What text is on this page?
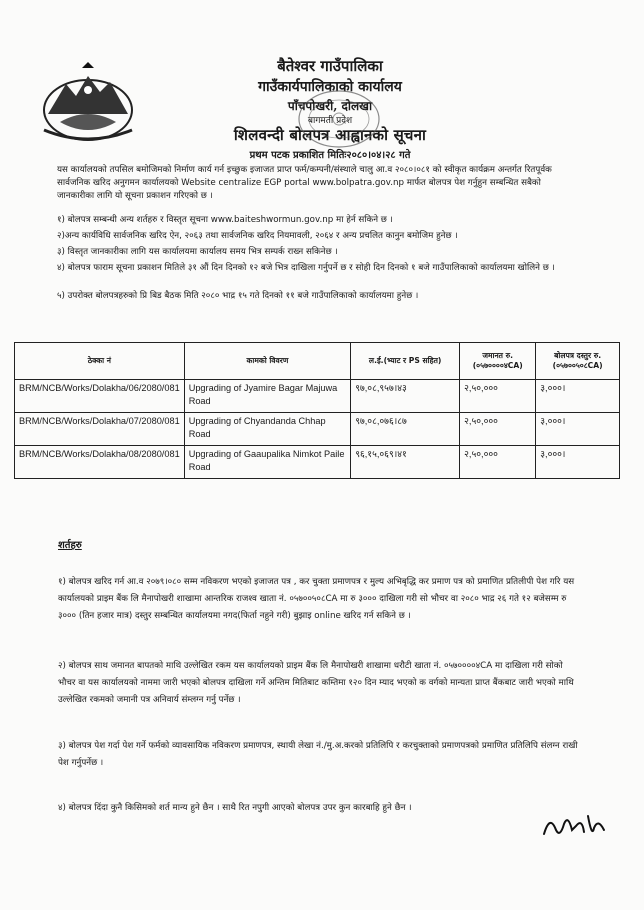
बैतेश्वर गाउँपालिका
गाउँकार्यपालिकाको कार्यालय
पाँचपोखरी, दोलखा
बागमती प्रदेश
शिलवन्दी बोलपत्र आह्वानको सूचना
प्रथम पटक प्रकाशित मितिः२०८०।०४।२८ गते

यस कार्यालयको तपसिल बमोजिमको निर्माण कार्य गर्न इच्छुक इजाजत प्राप्त फर्म/कम्पनी/संस्थाले चालु आ.व २०८०।०८१ को स्वीकृत कार्यक्रम अन्तर्गत रितपूर्वक सार्वजनिक खरिद अनुगमन कार्यालयको Website centralize EGP portal www.bolpatra.gov.np मार्फत बोलपत्र पेश गर्नुहुन सम्बन्धित सबैको जानकारीका लागि यो सूचना प्रकाशन गरिएको छ ।

१) बोलपत्र सम्बन्धी अन्य शर्तहरु र विस्तृत सूचना www.baiteshwormun.gov.np मा हेर्न सकिने छ ।
२)अन्य कार्यविधि सार्वजनिक खरिद ऐन, २०६३ तथा सार्वजनिक खरिद नियमावली, २०६४ र अन्य प्रचलित कानुन बमोजिम हुनेछ ।
३) विस्तृत जानकारीका लागि यस कार्यालयमा कार्यालय समय भित्र सम्पर्क राख्न सकिनेछ ।
४) बोलपत्र फाराम सूचना प्रकाशन मितिले ३१ औं दिन दिनको १२ बजे भित्र दाखिला गर्नुपर्ने छ र सोही दिन दिनको १ बजे गाउँपालिकाको कार्यालयमा खोलिने छ ।
५) उपरोक्त बोलपत्रहरुको प्रि बिड बैठक मिति २०८० भाद्र १५ गते दिनको ११ बजे गाउँपालिकाको कार्यालयमा हुनेछ ।
ठेक्का नं	कामको विवरण	ल.ई.(भ्याट र PS सहित)	जमानत रु. (०५७००००४CA)	बोलपत्र दस्तुर रु. (०५७००५०८CA)
BRM/NCB/Works/Dolakha/06/2080/081	Upgrading of Jyamire Bagar Majuwa Road	९७,०८,९५७।४३	२,५०,०००	३,०००।
BRM/NCB/Works/Dolakha/07/2080/081	Upgrading of Chyandanda Chhap Road	९७,०८,०७६।८७	२,५०,०००	३,०००।
BRM/NCB/Works/Dolakha/08/2080/081	Upgrading of Gaaupalika Nimkot Paile Road	९६,१५,०६९।४१	२,५०,०००	३,०००।
शर्तहरु
१) बोलपत्र खरिद गर्न आ.व २०७९।०८० सम्म नविकरण भएको इजाजत पत्र , कर चुक्ता प्रमाणपत्र र मुल्य अभिबृद्धि कर प्रमाण पत्र को प्रमाणित प्रतिलीपी पेश गरि यस कार्यालयको प्राइम बैंक लि मैनापोखरी शाखामा आन्तरिक राजश्व खाता नं. ०५७००५०८CA मा रु ३००० दाखिला गरी सो भौचर वा २०८० भाद्र २६ गते १२ बजेसम्म रु ३००० (तिन हजार मात्र) दस्तुर सम्बन्धित कार्यालयमा नगद(फिर्ता नहुने गरी) बुझाइ online खरिद गर्न सकिने छ ।
२) बोलपत्र साथ जमानत बापतको माथि उल्लेखित रकम यस कार्यालयको प्राइम बैंक लि मैनापोखरी शाखामा धरौटी खाता नं. ०५७००००४CA मा दाखिला गरी सोको भौचर वा यस कार्यालयको नाममा जारी भएको बोलपत्र दाखिला गर्ने अन्तिम मितिबाट कम्तिमा १२० दिन म्याद भएको क वर्गको मान्यता प्राप्त बैंकबाट जारी भएको माथि उल्लेखित रकमको जमानी पत्र अनिवार्य संम्लग्न गर्नु पर्नेछ ।
३) बोलपत्र पेश गर्दा पेश गर्ने फर्मको व्यावसायिक नविकरण प्रमाणपत्र, स्थायी लेखा नं./मु.अ.करको प्रतिलिपि र करचुक्ताको प्रमाणपत्रको प्रमाणित प्रतिलिपि संलग्न राखी पेश गर्नुपर्नेछ ।
४) बोलपत्र दिंदा कुनै किसिमको शर्त मान्य हुने छैन । साथै रित नपुगी आएको बोलपत्र उपर कुन कारबाहि हुने छैन ।
